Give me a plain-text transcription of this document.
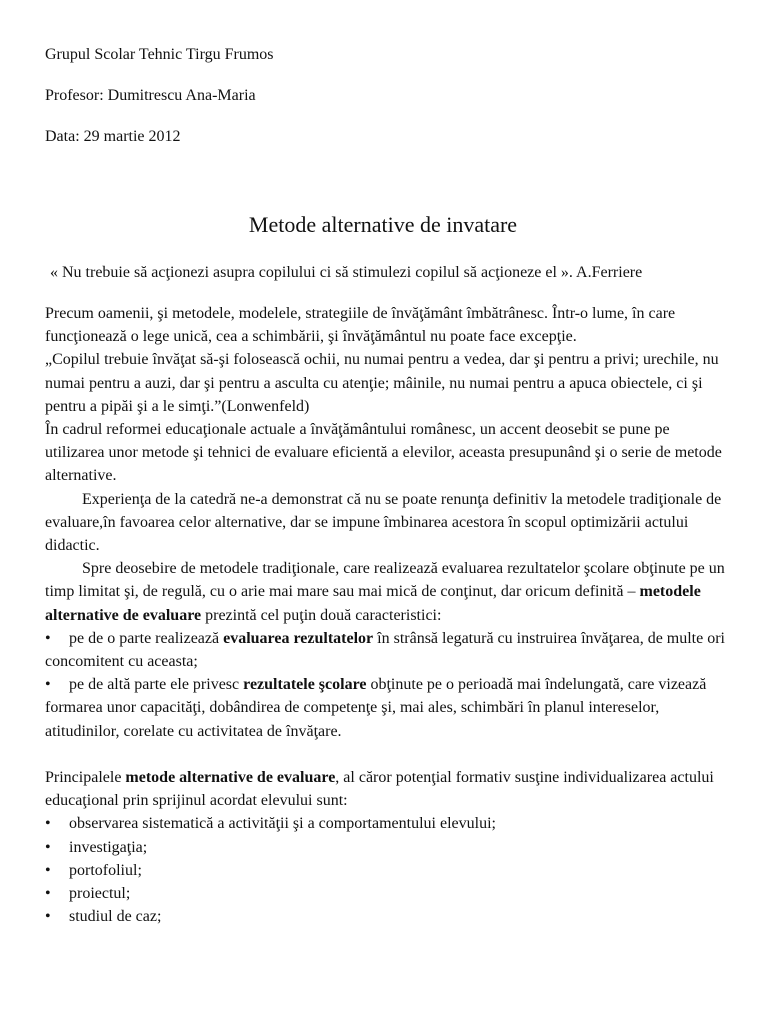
Grupul Scolar Tehnic Tirgu Frumos

Profesor: Dumitrescu Ana-Maria

Data: 29 martie 2012

Metode alternative de invatare

« Nu trebuie să acţionezi asupra copilului ci să stimulezi copilul să acţioneze el ». A.Ferriere

Precum oamenii, şi metodele, modelele, strategiile de învăţământ îmbătrânesc. Într-o lume, în care funcţionează o lege unică, cea a schimbării, şi învăţământul nu poate face excepţie.

„Copilul trebuie învăţat să-şi folosească ochii, nu numai pentru a vedea, dar şi pentru a privi; urechile, nu numai pentru a auzi, dar şi pentru a asculta cu atenţie; mâinile, nu numai pentru a apuca obiectele, ci şi pentru a pipăi şi a le simţi.”(Lonwenfeld)

În cadrul reformei educaţionale actuale a învăţământului românesc, un accent deosebit se pune pe utilizarea unor metode şi tehnici de evaluare eficientă a elevilor, aceasta presupunând şi o serie de metode alternative.

Experienţa de la catedră ne-a demonstrat că nu se poate renunţa definitiv la metodele tradiţionale de evaluare,în favoarea celor alternative, dar se impune îmbinarea acestora în scopul optimizării actului didactic.

Spre deosebire de metodele tradiţionale, care realizează evaluarea rezultatelor şcolare obţinute pe un timp limitat şi, de regulă, cu o arie mai mare sau mai mică de conţinut, dar oricum definită – metodele alternative de evaluare prezintă cel puţin două caracteristici:

• pe de o parte realizează evaluarea rezultatelor în strânsă legatură cu instruirea învăţarea, de multe ori concomitent cu aceasta;

• pe de altă parte ele privesc rezultatele şcolare obţinute pe o perioadă mai îndelungată, care vizează formarea unor capacităţi, dobândirea de competenţe şi, mai ales, schimbări în planul intereselor, atitudinilor, corelate cu activitatea de învăţare.

Principalele metode alternative de evaluare, al căror potenţial formativ susţine individualizarea actului educaţional prin sprijinul acordat elevului sunt:

• observarea sistematică a activităţii şi a comportamentului elevului;
• investigaţia;
• portofoliul;
• proiectul;
• studiul de caz;
